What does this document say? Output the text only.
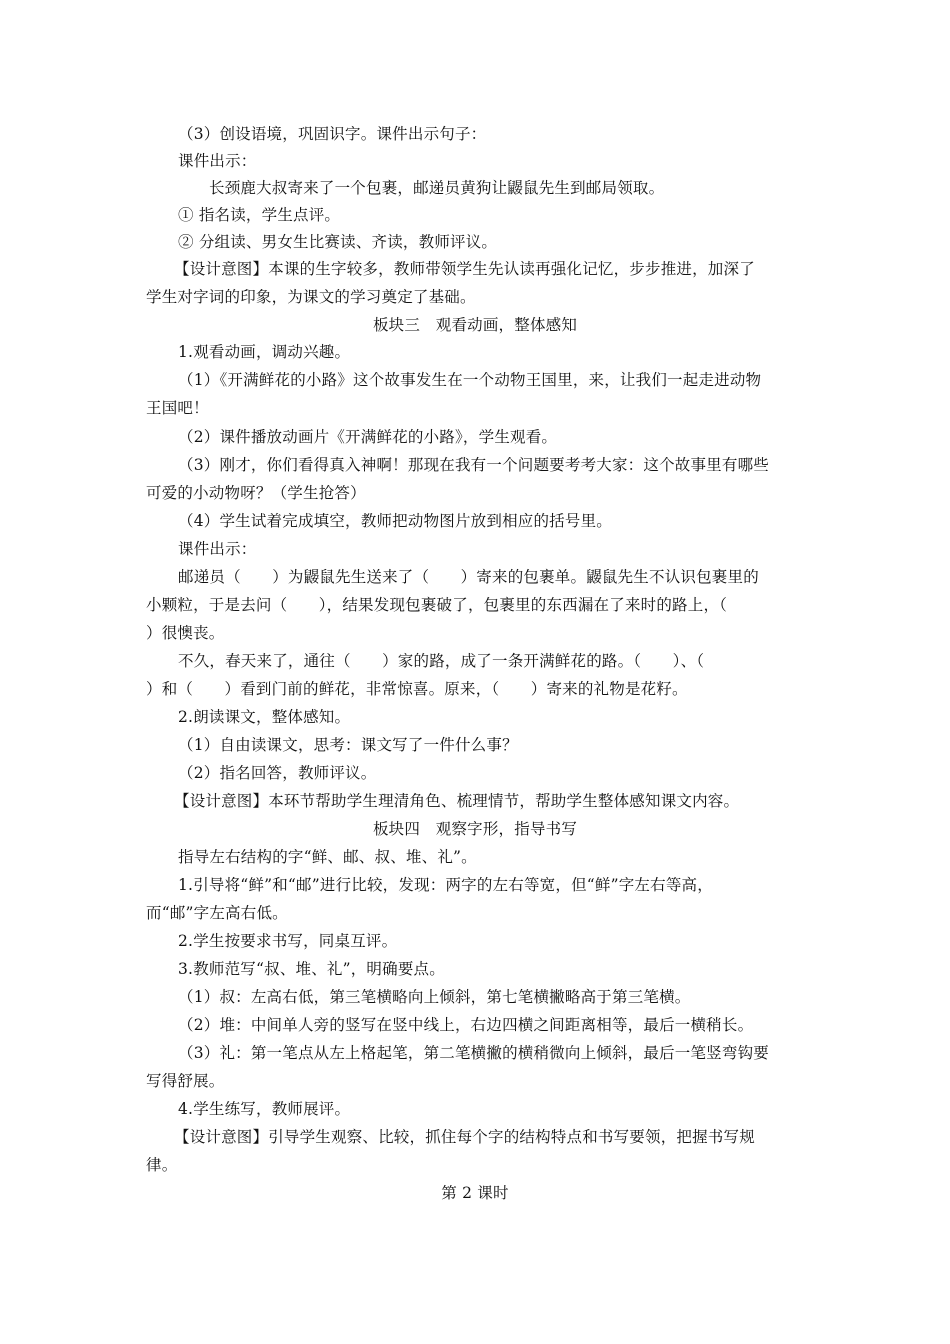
（3）创设语境，巩固识字。课件出示句子：
课件出示：
长颈鹿大叔寄来了一个包裹，邮递员黄狗让鼹鼠先生到邮局领取。
① 指名读，学生点评。
② 分组读、男女生比赛读、齐读，教师评议。
【设计意图】本课的生字较多，教师带领学生先认读再强化记忆，步步推进，加深了
学生对字词的印象，为课文的学习奠定了基础。
板块三　观看动画，整体感知
1.观看动画，调动兴趣。
（1）《开满鲜花的小路》这个故事发生在一个动物王国里，来，让我们一起走进动物
王国吧！
（2）课件播放动画片《开满鲜花的小路》，学生观看。
（3）刚才，你们看得真入神啊！那现在我有一个问题要考考大家：这个故事里有哪些
可爱的小动物呀？（学生抢答）
（4）学生试着完成填空，教师把动物图片放到相应的括号里。
课件出示：
邮递员（　　）为鼹鼠先生送来了（　　）寄来的包裹单。鼹鼠先生不认识包裹里的
小颗粒，于是去问（　　），结果发现包裹破了，包裹里的东西漏在了来时的路上，（
）很懊丧。
不久，春天来了，通往（　　）家的路，成了一条开满鲜花的路。（　　）、（
）和（　　）看到门前的鲜花，非常惊喜。原来，（　　）寄来的礼物是花籽。
2.朗读课文，整体感知。
（1）自由读课文，思考：课文写了一件什么事？
（2）指名回答，教师评议。
【设计意图】本环节帮助学生理清角色、梳理情节，帮助学生整体感知课文内容。
板块四　观察字形，指导书写
指导左右结构的字“鲜、邮、叔、堆、礼”。
1.引导将“鲜”和“邮”进行比较，发现：两字的左右等宽，但“鲜”字左右等高，
而“邮”字左高右低。
2.学生按要求书写，同桌互评。
3.教师范写“叔、堆、礼”，明确要点。
（1）叔：左高右低，第三笔横略向上倾斜，第七笔横撇略高于第三笔横。
（2）堆：中间单人旁的竖写在竖中线上，右边四横之间距离相等，最后一横稍长。
（3）礼：第一笔点从左上格起笔，第二笔横撇的横稍微向上倾斜，最后一笔竖弯钩要
写得舒展。
4.学生练写，教师展评。
【设计意图】引导学生观察、比较，抓住每个字的结构特点和书写要领，把握书写规
律。
第 2 课时
